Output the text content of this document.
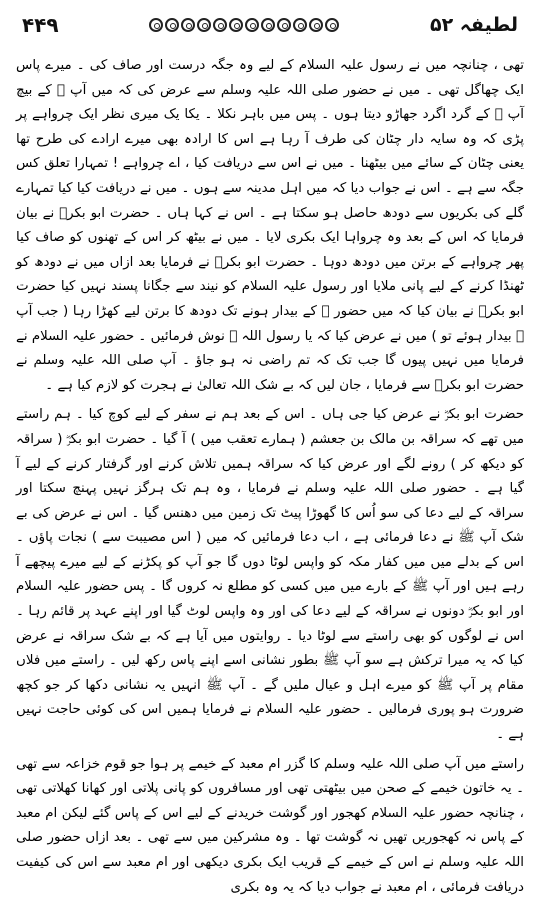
۴۴۹	لطیفہ ۵۲

تھی ، چنانچہ میں نے رسول علیہ السلام کے لیے وہ جگہ درست اور صاف کی ۔ میرے پاس ایک چھاگل تھی ۔ میں نے حضور صلی اللہ علیہ وسلم سے عرض کی کہ میں آپ ﷺ کے بیچ آپ ﷺ کے گرد اگرد جھاڑو دیتا ہوں ۔ پس میں باہر نکلا ۔ یکا یک میری نظر ایک چرواہے پر پڑی کہ وہ سایہ دار چٹان کی طرف آ رہا ہے اس کا ارادہ بھی میرے ارادے کی طرح تھا یعنی چٹان کے سائے میں بیٹھنا ۔ میں نے اس سے دریافت کیا ، اے چرواہے ! تمہارا تعلق کس جگہ سے ہے ۔ اس نے جواب دیا کہ میں اہل مدینہ سے ہوں ۔ میں نے دریافت کیا کیا تمہارے گلے کی بکریوں سے دودھ حاصل ہو سکتا ہے ۔ اس نے کہا ہاں ۔ حضرت ابو بکرؓ نے بیان فرمایا کہ اس کے بعد وہ چرواہا ایک بکری لایا ۔ میں نے بیٹھ کر اس کے تھنوں کو صاف کیا پھر چرواہے کے برتن میں دودھ دوہا ۔ حضرت ابو بکرؓ نے فرمایا بعد ازاں میں نے دودھ کو ٹھنڈا کرنے کے لیے پانی ملایا اور رسول علیہ السلام کو نیند سے جگانا پسند نہیں کیا حضرت ابو بکرؓ نے بیان کیا کہ میں حضور ﷺ کے بیدار ہونے تک دودھ کا برتن لیے کھڑا رہا ( جب آپ ﷺ بیدار ہوئے تو ) میں نے عرض کیا کہ یا رسول اللہ ﷺ نوش فرمائیں ۔ حضور علیہ السلام نے فرمایا میں نہیں پیوں گا جب تک کہ تم راضی نہ ہو جاؤ ۔ آپ صلی اللہ علیہ وسلم نے حضرت ابو بکرؓ سے فرمایا ، جان لیں کہ بے شک اللہ تعالیٰ نے ہجرت کو لازم کیا ہے ۔

حضرت ابو بکرؓ نے عرض کیا جی ہاں ۔ اس کے بعد ہم نے سفر کے لیے کوچ کیا ۔ ہم راستے میں تھے کہ سراقہ بن مالک بن جعشم ( ہمارے تعقب میں ) آ گیا ۔ حضرت ابو بکرؓ ( سراقہ کو دیکھ کر ) رونے لگے اور عرض کیا کہ سراقہ ہمیں تلاش کرنے اور گرفتار کرنے کے لیے آ گیا ہے ۔ حضور صلی اللہ علیہ وسلم نے فرمایا ، وہ ہم تک ہرگز نہیں پہنچ سکتا اور سراقہ کے لیے دعا کی سو اُس کا گھوڑا پیٹ تک زمین میں دھنس گیا ۔ اس نے عرض کی بے شک آپ ﷺ نے دعا فرمائی ہے ، اب دعا فرمائیں کہ میں ( اس مصیبت سے ) نجات پاؤں ۔ اس کے بدلے میں میں کفار مکہ کو واپس لوٹا دوں گا جو آپ کو پکڑنے کے لیے میرے پیچھے آ رہے ہیں اور آپ ﷺ کے بارے میں میں کسی کو مطلع نہ کروں گا ۔ پس حضور علیہ السلام اور ابو بکرؓ دونوں نے سراقہ کے لیے دعا کی اور وہ واپس لوٹ گیا اور اپنے عہد پر قائم رہا ۔ اس نے لوگوں کو بھی راستے سے لوٹا دیا ۔ روایتوں میں آیا ہے کہ بے شک سراقہ نے عرض کیا کہ یہ میرا ترکش ہے سو آپ ﷺ بطور نشانی اسے اپنے پاس رکھ لیں ۔ راستے میں فلاں مقام پر آپ ﷺ کو میرے اہل و عیال ملیں گے ۔ آپ ﷺ انہیں یہ نشانی دکھا کر جو کچھ ضرورت ہو پوری فرمالیں ۔ حضور علیہ السلام نے فرمایا ہمیں اس کی کوئی حاجت نہیں ہے ۔

راستے میں آپ صلی اللہ علیہ وسلم کا گزر ام معبد کے خیمے پر ہوا جو قوم خزاعہ سے تھی ۔ یہ خاتون خیمے کے صحن میں بیٹھتی تھی اور مسافروں کو پانی پلاتی اور کھانا کھلاتی تھی ، چنانچہ حضور علیہ السلام کھجور اور گوشت خریدنے کے لیے اس کے پاس گئے لیکن ام معبد کے پاس نہ کھجوریں تھیں نہ گوشت تھا ۔ وہ مشرکین میں سے تھی ۔ بعد ازاں حضور صلی اللہ علیہ وسلم نے اس کے خیمے کے قریب ایک بکری دیکھی اور ام معبد سے اس کی کیفیت دریافت فرمائی ، ام معبد نے جواب دیا کہ یہ وہ بکری
